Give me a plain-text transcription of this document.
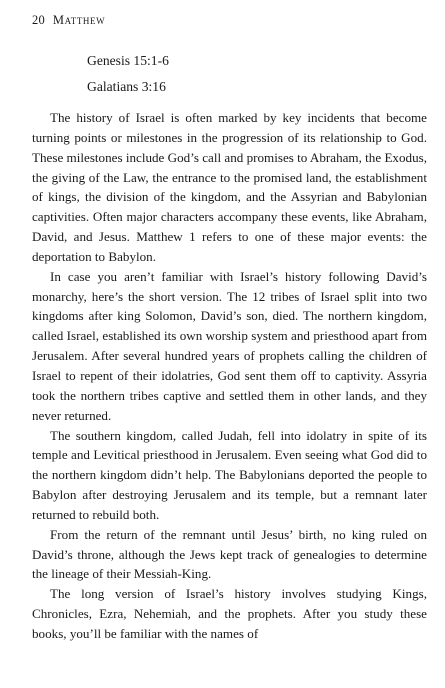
20 Matthew
Genesis 15:1-6
Galatians 3:16

The history of Israel is often marked by key incidents that become turning points or milestones in the progression of its relationship to God. These milestones include God’s call and promises to Abraham, the Exodus, the giving of the Law, the entrance to the promised land, the establishment of kings, the division of the kingdom, and the Assyrian and Babylonian captivities. Often major characters accompany these events, like Abraham, David, and Jesus. Matthew 1 refers to one of these major events: the deportation to Babylon.

In case you aren’t familiar with Israel’s history following David’s monarchy, here’s the short version. The 12 tribes of Israel split into two kingdoms after king Solomon, David’s son, died. The northern kingdom, called Israel, established its own worship system and priesthood apart from Jerusalem. After several hundred years of prophets calling the children of Israel to repent of their idolatries, God sent them off to captivity. Assyria took the northern tribes captive and settled them in other lands, and they never returned.

The southern kingdom, called Judah, fell into idolatry in spite of its temple and Levitical priesthood in Jerusalem. Even seeing what God did to the northern kingdom didn’t help. The Babylonians deported the people to Babylon after destroying Jerusalem and its temple, but a remnant later returned to rebuild both.

From the return of the remnant until Jesus’ birth, no king ruled on David’s throne, although the Jews kept track of genealogies to determine the lineage of their Messiah-King.

The long version of Israel’s history involves studying Kings, Chronicles, Ezra, Nehemiah, and the prophets. After you study these books, you’ll be familiar with the names of
